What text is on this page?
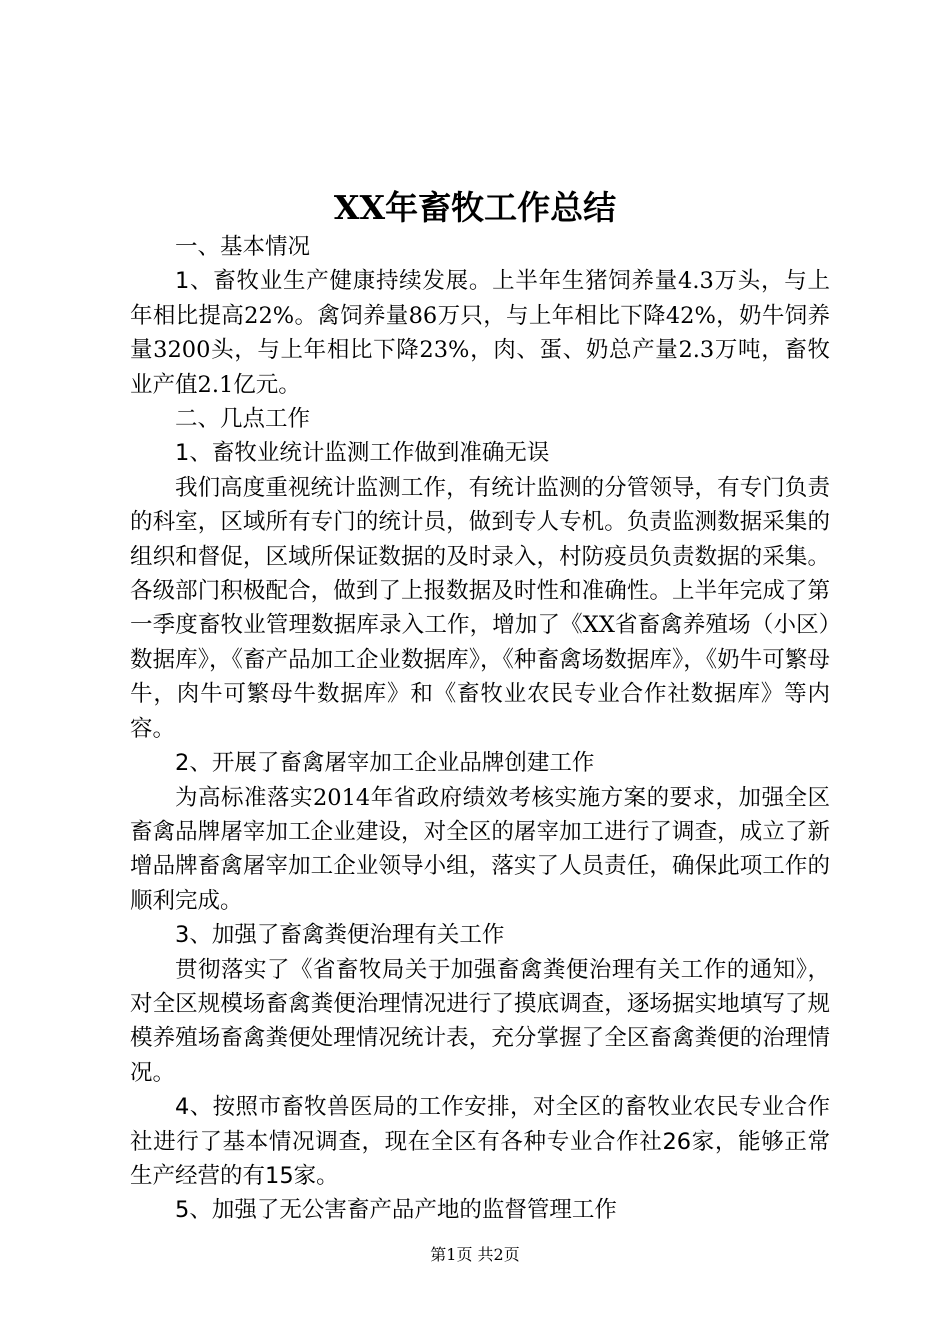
XX年畜牧工作总结

一、基本情况

1、畜牧业生产健康持续发展。上半年生猪饲养量4.3万头，与上年相比提高22%。禽饲养量86万只，与上年相比下降42%，奶牛饲养量3200头，与上年相比下降23%，肉、蛋、奶总产量2.3万吨，畜牧业产值2.1亿元。

二、几点工作

1、畜牧业统计监测工作做到准确无误

我们高度重视统计监测工作，有统计监测的分管领导，有专门负责的科室，区域所有专门的统计员，做到专人专机。负责监测数据采集的组织和督促，区域所保证数据的及时录入，村防疫员负责数据的采集。各级部门积极配合，做到了上报数据及时性和准确性。上半年完成了第一季度畜牧业管理数据库录入工作，增加了《XX省畜禽养殖场（小区）数据库》，《畜产品加工企业数据库》，《种畜禽场数据库》，《奶牛可繁母牛，肉牛可繁母牛数据库》和《畜牧业农民专业合作社数据库》等内容。

2、开展了畜禽屠宰加工企业品牌创建工作

为高标准落实2014年省政府绩效考核实施方案的要求，加强全区畜禽品牌屠宰加工企业建设，对全区的屠宰加工进行了调查，成立了新增品牌畜禽屠宰加工企业领导小组，落实了人员责任，确保此项工作的顺利完成。

3、加强了畜禽粪便治理有关工作

贯彻落实了《省畜牧局关于加强畜禽粪便治理有关工作的通知》，对全区规模场畜禽粪便治理情况进行了摸底调查，逐场据实地填写了规模养殖场畜禽粪便处理情况统计表，充分掌握了全区畜禽粪便的治理情况。

4、按照市畜牧兽医局的工作安排，对全区的畜牧业农民专业合作社进行了基本情况调查，现在全区有各种专业合作社26家，能够正常生产经营的有15家。

5、加强了无公害畜产品产地的监督管理工作

第1页 共2页
